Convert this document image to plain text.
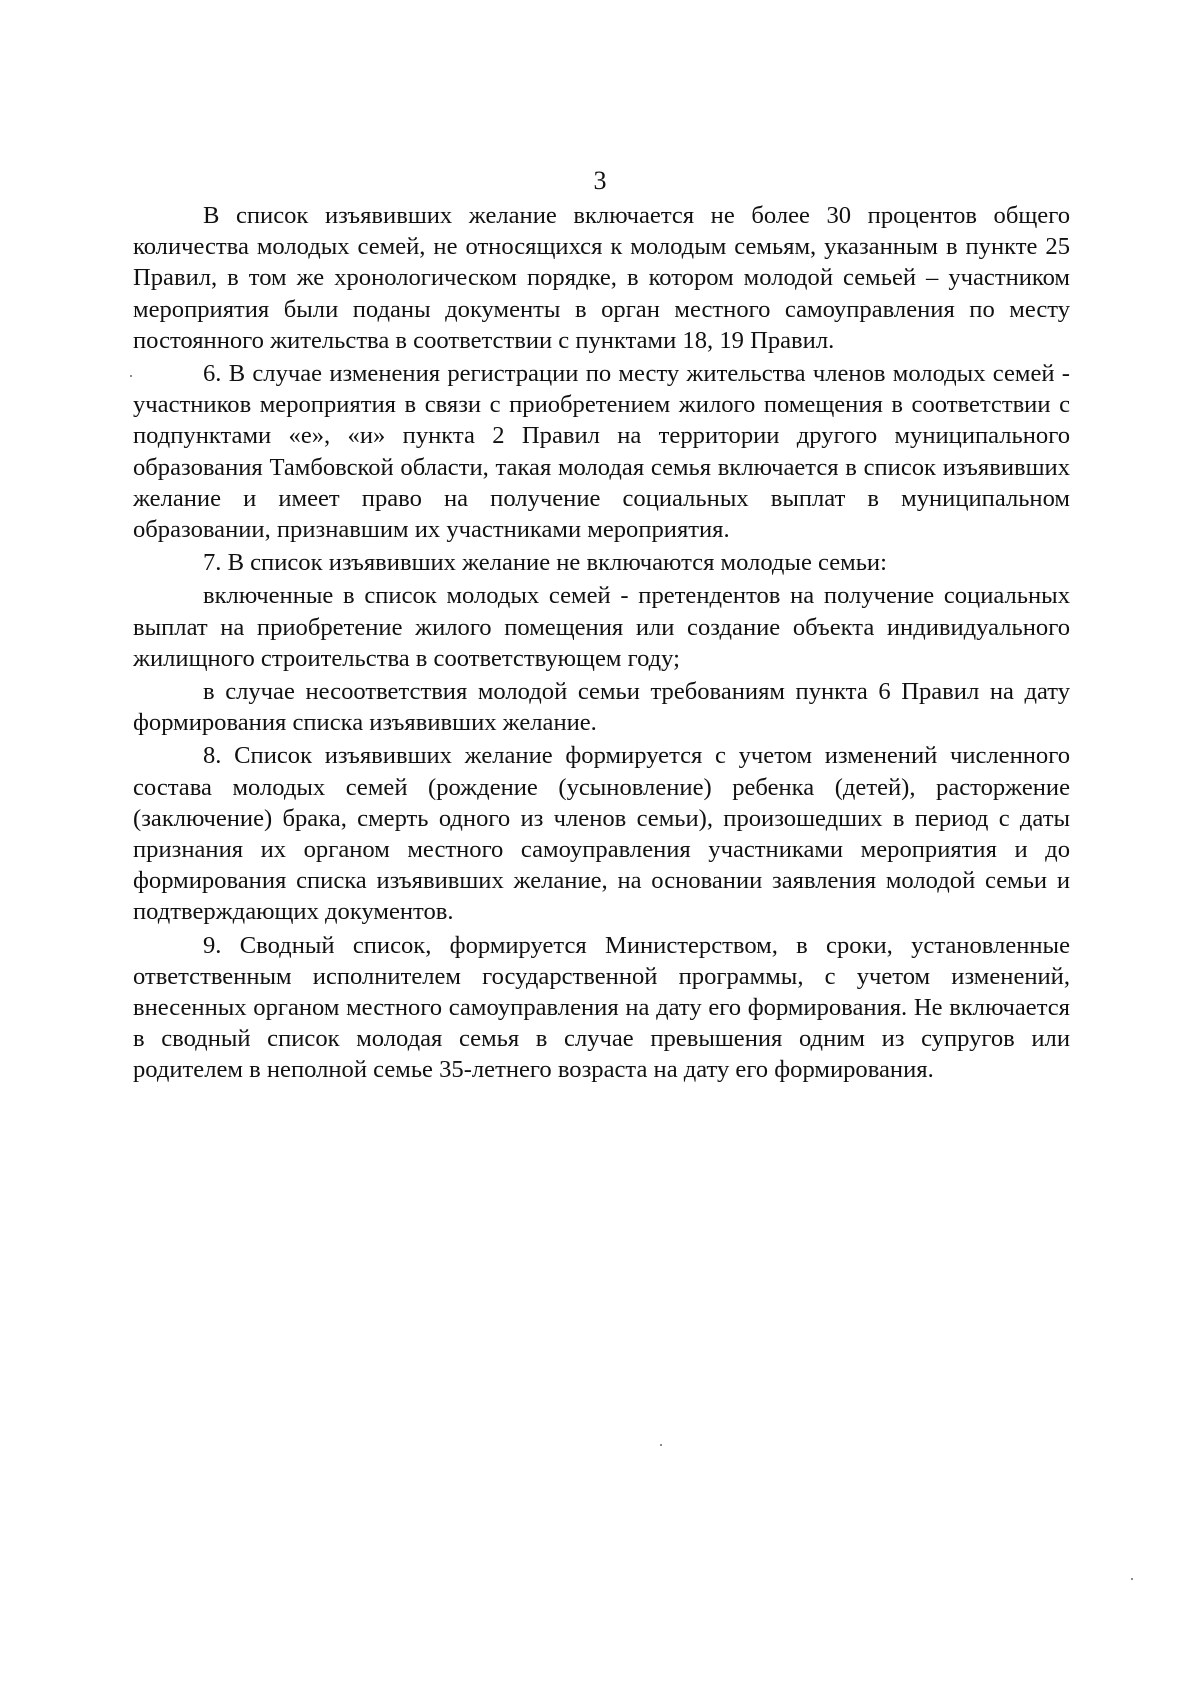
3

В список изъявивших желание включается не более 30 процентов общего количества молодых семей, не относящихся к молодым семьям, указанным в пункте 25 Правил, в том же хронологическом порядке, в котором молодой семьей – участником мероприятия были поданы документы в орган местного самоуправления по месту постоянного жительства в соответствии с пунктами 18, 19 Правил.

6. В случае изменения регистрации по месту жительства членов молодых семей - участников мероприятия в связи с приобретением жилого помещения в соответствии с подпунктами «е», «и» пункта 2 Правил на территории другого муниципального образования Тамбовской области, такая молодая семья включается в список изъявивших желание и имеет право на получение социальных выплат в муниципальном образовании, признавшим их участниками мероприятия.

7. В список изъявивших желание не включаются молодые семьи:

включенные в список молодых семей - претендентов на получение социальных выплат на приобретение жилого помещения или создание объекта индивидуального жилищного строительства в соответствующем году;

в случае несоответствия молодой семьи требованиям пункта 6 Правил на дату формирования списка изъявивших желание.

8. Список изъявивших желание формируется с учетом изменений численного состава молодых семей (рождение (усыновление) ребенка (детей), расторжение (заключение) брака, смерть одного из членов семьи), произошедших в период с даты признания их органом местного самоуправления участниками мероприятия и до формирования списка изъявивших желание, на основании заявления молодой семьи и подтверждающих документов.

9. Сводный список, формируется Министерством, в сроки, установленные ответственным исполнителем государственной программы, с учетом изменений, внесенных органом местного самоуправления на дату его формирования. Не включается в сводный список молодая семья в случае превышения одним из супругов или родителем в неполной семье 35-летнего возраста на дату его формирования.
